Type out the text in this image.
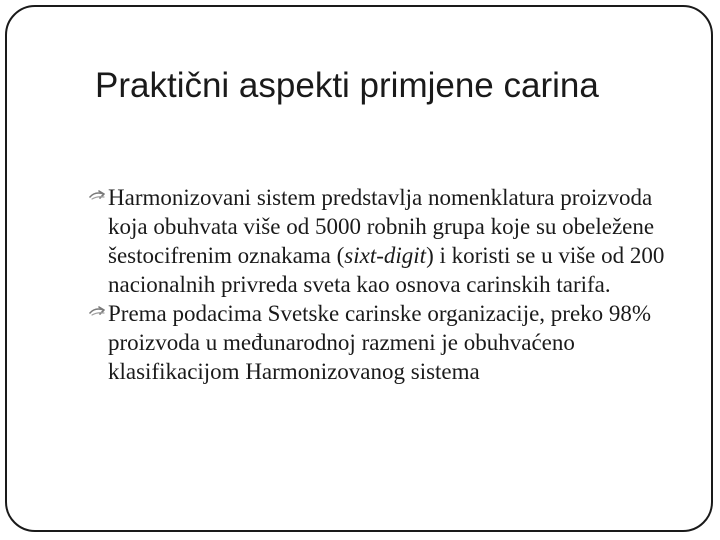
Praktični aspekti primjene carina

Harmonizovani sistem predstavlja nomenklatura proizvoda koja obuhvata više od 5000 robnih grupa koje su obeležene šestocifrenim oznakama (sixt-digit) i koristi se u više od 200 nacionalnih privreda sveta kao osnova carinskih tarifa.

Prema podacima Svetske carinske organizacije, preko 98% proizvoda u međunarodnoj razmeni je obuhvaćeno klasifikacijom Harmonizovanog sistema
